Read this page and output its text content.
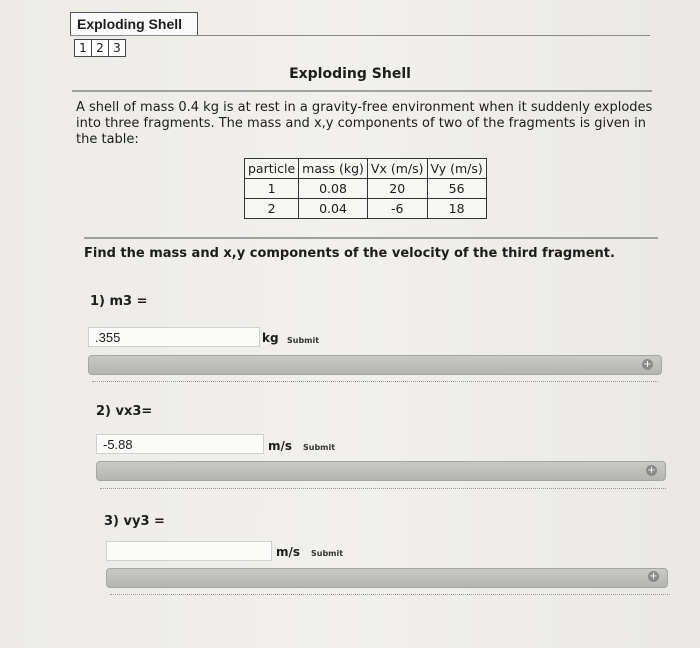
Exploding Shell
1 2 3
Exploding Shell
A shell of mass 0.4 kg is at rest in a gravity-free environment when it suddenly explodes into three fragments. The mass and x,y components of two of the fragments is given in the table:
particle	mass (kg)	Vx (m/s)	Vy (m/s)
1	0.08	20	56
2	0.04	-6	18
Find the mass and x,y components of the velocity of the third fragment.
1) m3 =
.355	kg Submit
+
2) vx3=
-5.88	m/s Submit
+
3) vy3 =
m/s Submit
+
